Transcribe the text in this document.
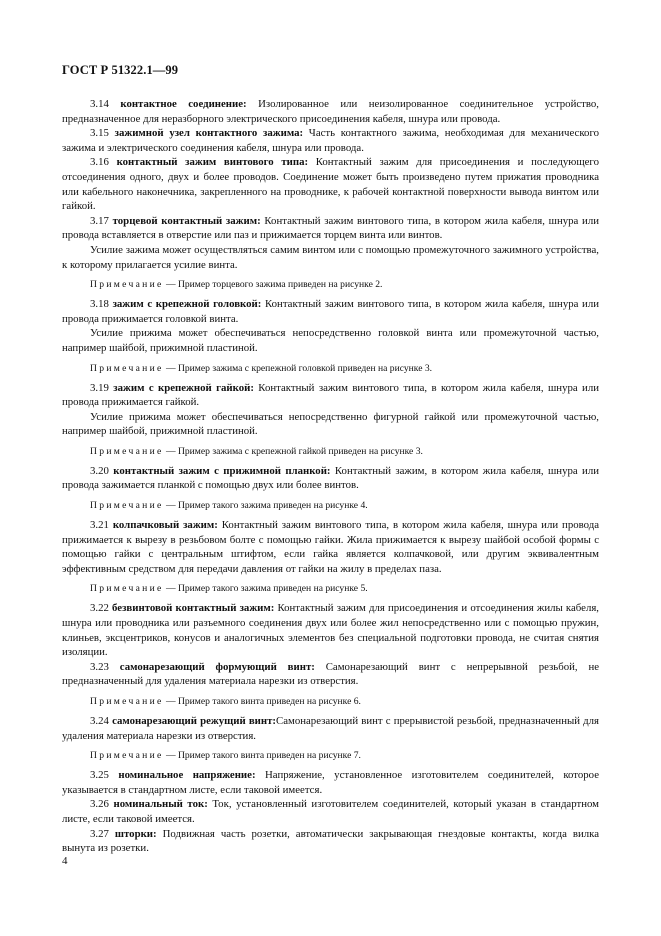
ГОСТ Р 51322.1—99

3.14 контактное соединение: Изолированное или неизолированное соединительное устройство, предназначенное для неразборного электрического присоединения кабеля, шнура или провода.

3.15 зажимной узел контактного зажима: Часть контактного зажима, необходимая для механического зажима и электрического соединения кабеля, шнура или провода.

3.16 контактный зажим винтового типа: Контактный зажим для присоединения и последующего отсоединения одного, двух и более проводов. Соединение может быть произведено путем прижатия проводника или кабельного наконечника, закрепленного на проводнике, к рабочей контактной поверхности вывода винтом или гайкой.

3.17 торцевой контактный зажим: Контактный зажим винтового типа, в котором жила кабеля, шнура или провода вставляется в отверстие или паз и прижимается торцем винта или винтов.

Усилие зажима может осуществляться самим винтом или с помощью промежуточного зажимного устройства, к которому прилагается усилие винта.

Примечание — Пример торцевого зажима приведен на рисунке 2.

3.18 зажим с крепежной головкой: Контактный зажим винтового типа, в котором жила кабеля, шнура или провода прижимается головкой винта.

Усилие прижима может обеспечиваться непосредственно головкой винта или промежуточной частью, например шайбой, прижимной пластиной.

Примечание — Пример зажима с крепежной головкой приведен на рисунке 3.

3.19 зажим с крепежной гайкой: Контактный зажим винтового типа, в котором жила кабеля, шнура или провода прижимается гайкой.

Усилие прижима может обеспечиваться непосредственно фигурной гайкой или промежуточной частью, например шайбой, прижимной пластиной.

Примечание — Пример зажима с крепежной гайкой приведен на рисунке 3.

3.20 контактный зажим с прижимной планкой: Контактный зажим, в котором жила кабеля, шнура или провода зажимается планкой с помощью двух или более винтов.

Примечание — Пример такого зажима приведен на рисунке 4.

3.21 колпачковый зажим: Контактный зажим винтового типа, в котором жила кабеля, шнура или провода прижимается к вырезу в резьбовом болте с помощью гайки. Жила прижимается к вырезу шайбой особой формы с помощью гайки с центральным штифтом, если гайка является колпачковой, или другим эквивалентным эффективным средством для передачи давления от гайки на жилу в пределах паза.

Примечание — Пример такого зажима приведен на рисунке 5.

3.22 безвинтовой контактный зажим: Контактный зажим для присоединения и отсоединения жилы кабеля, шнура или проводника или разъемного соединения двух или более жил непосредственно или с помощью пружин, клиньев, эксцентриков, конусов и аналогичных элементов без специальной подготовки провода, не считая снятия изоляции.

3.23 самонарезающий формующий винт: Самонарезающий винт с непрерывной резьбой, не предназначенный для удаления материала нарезки из отверстия.

Примечание — Пример такого винта приведен на рисунке 6.

3.24 самонарезающий режущий винт:Самонарезающий винт с прерывистой резьбой, предназначенный для удаления материала нарезки из отверстия.

Примечание — Пример такого винта приведен на рисунке 7.

3.25 номинальное напряжение: Напряжение, установленное изготовителем соединителей, которое указывается в стандартном листе, если таковой имеется.

3.26 номинальный ток: Ток, установленный изготовителем соединителей, который указан в стандартном листе, если таковой имеется.

3.27 шторки: Подвижная часть розетки, автоматически закрывающая гнездовые контакты, когда вилка вынута из розетки.

4
